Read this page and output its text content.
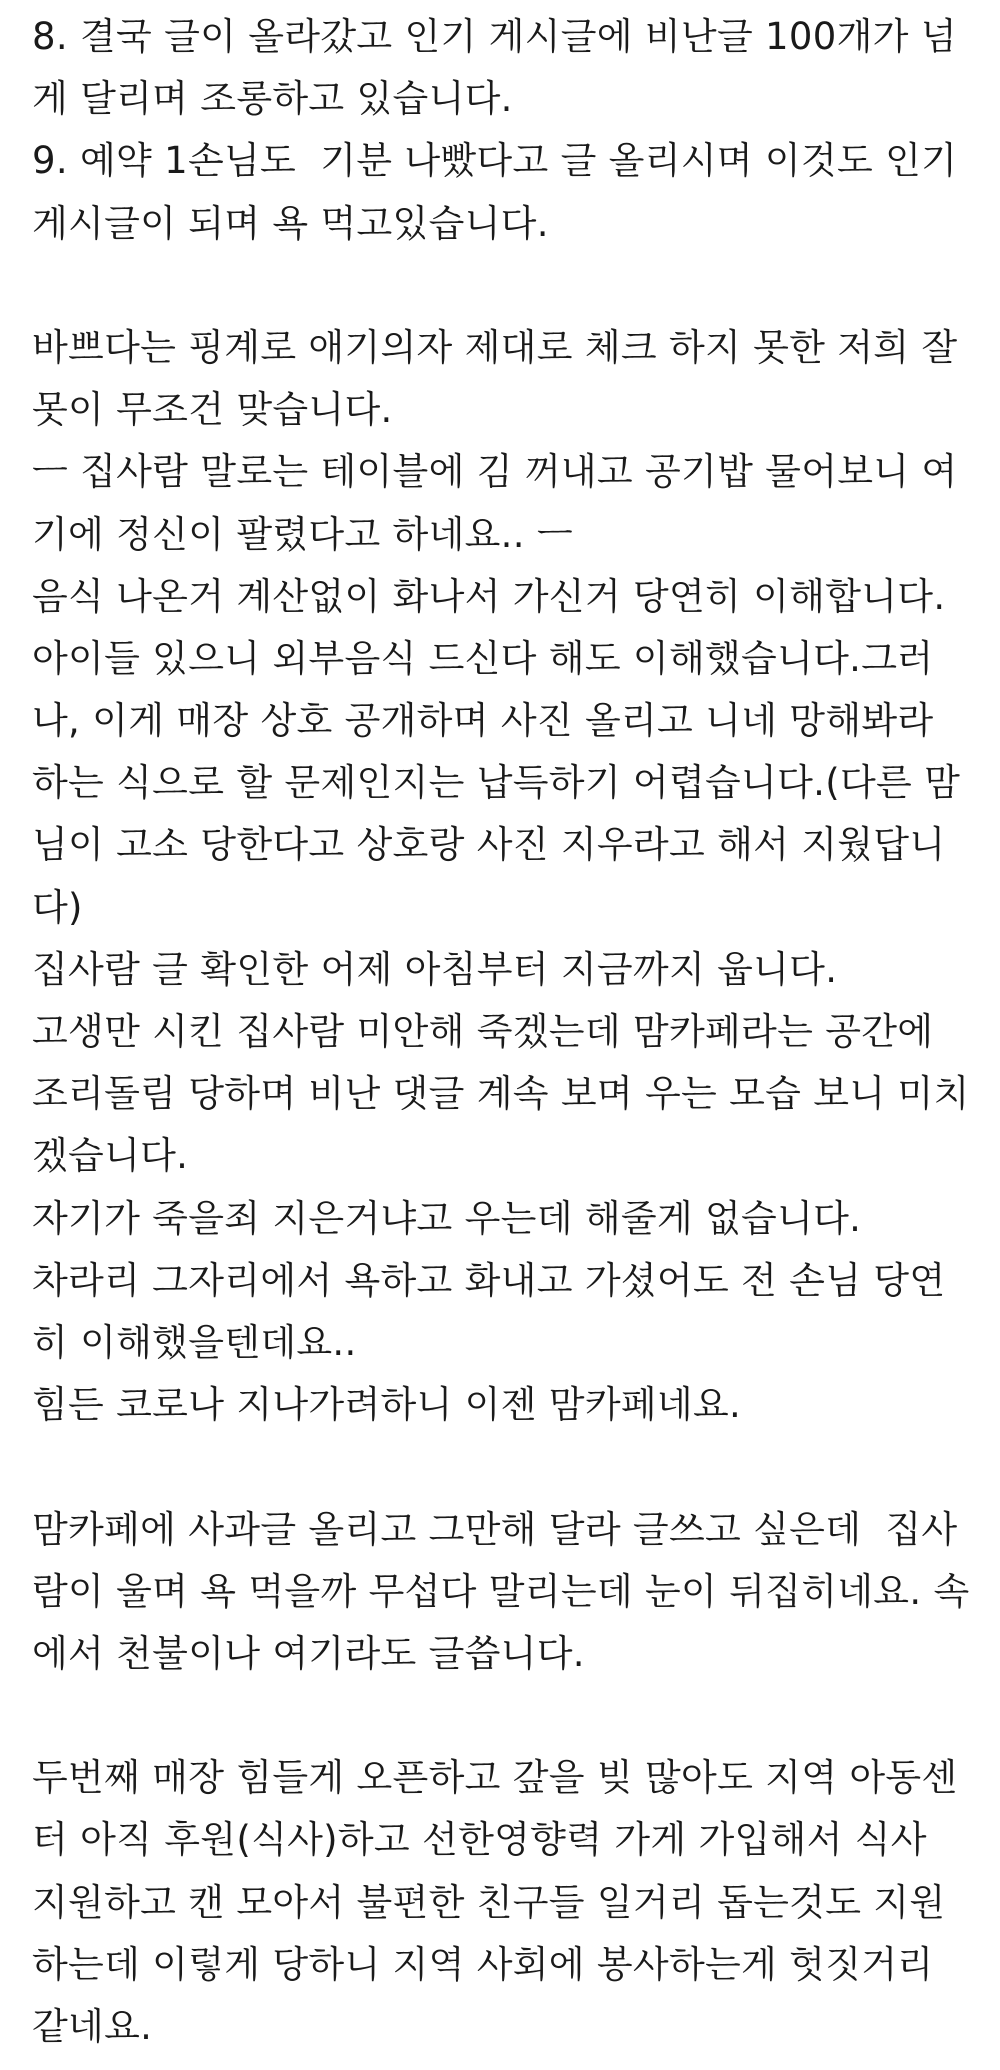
8. 결국 글이 올라갔고 인기 게시글에 비난글 100개가 넘
게 달리며 조롱하고 있습니다.
9. 예약 1손님도  기분 나빴다고 글 올리시며 이것도 인기
게시글이 되며 욕 먹고있습니다.
바쁘다는 핑계로 애기의자 제대로 체크 하지 못한 저희 잘
못이 무조건 맞습니다.
ㅡ 집사람 말로는 테이블에 김 꺼내고 공기밥 물어보니 여
기에 정신이 팔렸다고 하네요.. ㅡ
음식 나온거 계산없이 화나서 가신거 당연히 이해합니다.
아이들 있으니 외부음식 드신다 해도 이해했습니다.그러
나, 이게 매장 상호 공개하며 사진 올리고 니네 망해봐라
하는 식으로 할 문제인지는 납득하기 어렵습니다.(다른 맘
님이 고소 당한다고 상호랑 사진 지우라고 해서 지웠답니
다)
집사람 글 확인한 어제 아침부터 지금까지 웁니다.
고생만 시킨 집사람 미안해 죽겠는데 맘카페라는 공간에
조리돌림 당하며 비난 댓글 계속 보며 우는 모습 보니 미치
겠습니다.
자기가 죽을죄 지은거냐고 우는데 해줄게 없습니다.
차라리 그자리에서 욕하고 화내고 가셨어도 전 손님 당연
히 이해했을텐데요..
힘든 코로나 지나가려하니 이젠 맘카페네요.
맘카페에 사과글 올리고 그만해 달라 글쓰고 싶은데  집사
람이 울며 욕 먹을까 무섭다 말리는데 눈이 뒤집히네요. 속
에서 천불이나 여기라도 글씁니다.
두번째 매장 힘들게 오픈하고 갚을 빚 많아도 지역 아동센
터 아직 후원(식사)하고 선한영향력 가게 가입해서 식사
지원하고 캔 모아서 불편한 친구들 일거리 돕는것도 지원
하는데 이렇게 당하니 지역 사회에 봉사하는게 헛짓거리
같네요.
